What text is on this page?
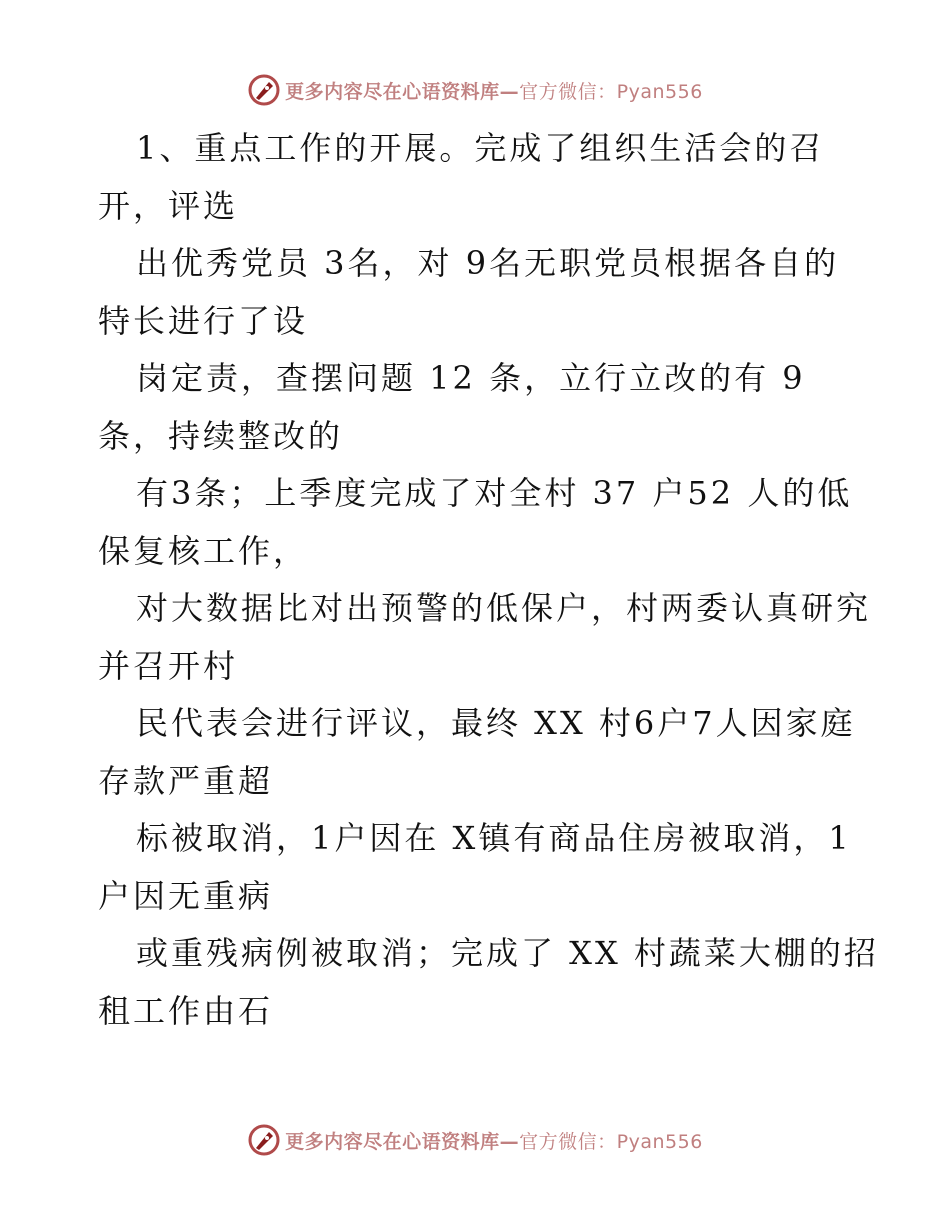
更多内容尽在心语资料库—官方微信：Pyan556
1、重点工作的开展。完成了组织生活会的召
开，评选
出优秀党员 3名，对 9名无职党员根据各自的
特长进行了设
岗定责，查摆问题 12 条，立行立改的有 9
条，持续整改的
有3条；上季度完成了对全村 37 户52 人的低
保复核工作，
对大数据比对出预警的低保户，村两委认真研究
并召开村
民代表会进行评议，最终 XX 村6户7人因家庭
存款严重超
标被取消，1户因在 X镇有商品住房被取消，1
户因无重病
或重残病例被取消；完成了 XX 村蔬菜大棚的招
租工作由石
更多内容尽在心语资料库—官方微信：Pyan556
